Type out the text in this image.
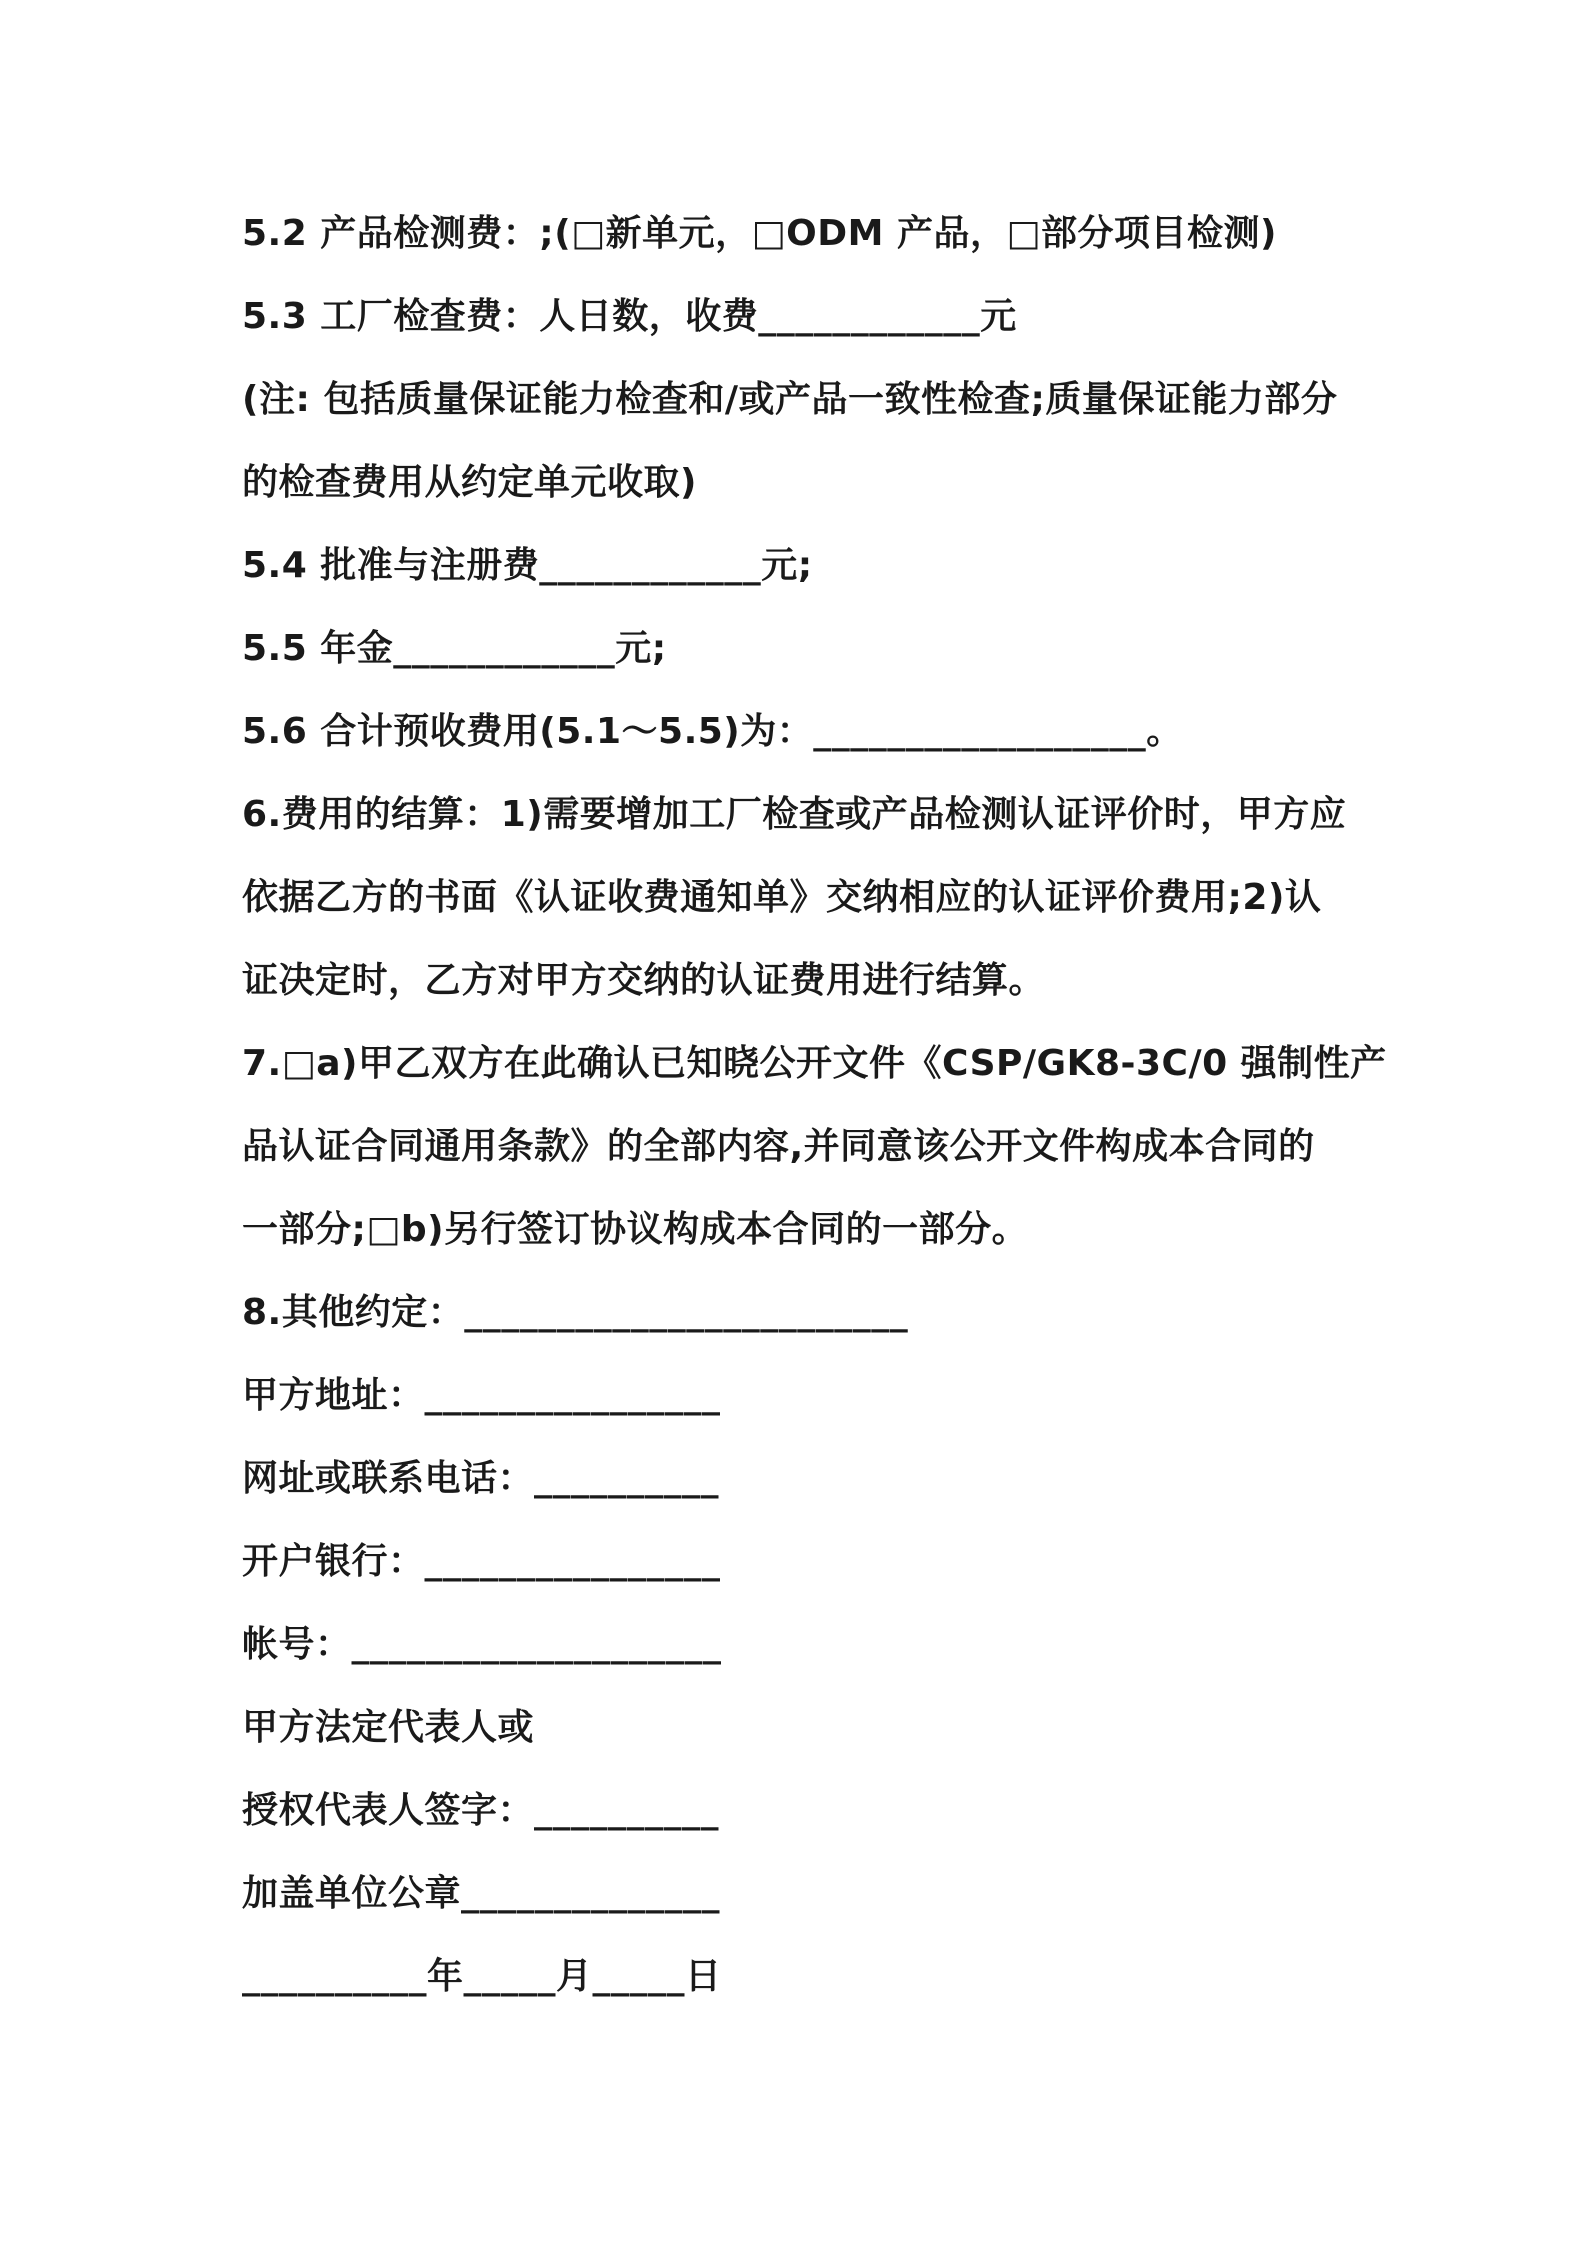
5.2 产品检测费：;(□新单元，□ODM 产品，□部分项目检测)
5.3 工厂检查费：人日数，收费____________元
(注: 包括质量保证能力检查和/或产品一致性检查;质量保证能力部分
的检查费用从约定单元收取)
5.4 批准与注册费____________元;
5.5 年金____________元;
5.6 合计预收费用(5.1～5.5)为：__________________。
6.费用的结算：1)需要增加工厂检查或产品检测认证评价时，甲方应
依据乙方的书面《认证收费通知单》交纳相应的认证评价费用;2)认
证决定时，乙方对甲方交纳的认证费用进行结算。
7.□a)甲乙双方在此确认已知晓公开文件《CSP/GK8-3C/0 强制性产
品认证合同通用条款》的全部内容,并同意该公开文件构成本合同的
一部分;□b)另行签订协议构成本合同的一部分。
8.其他约定：________________________
甲方地址：________________
网址或联系电话：__________
开户银行：________________
帐号：____________________
甲方法定代表人或
授权代表人签字：__________
加盖单位公章______________
__________年_____月_____日
